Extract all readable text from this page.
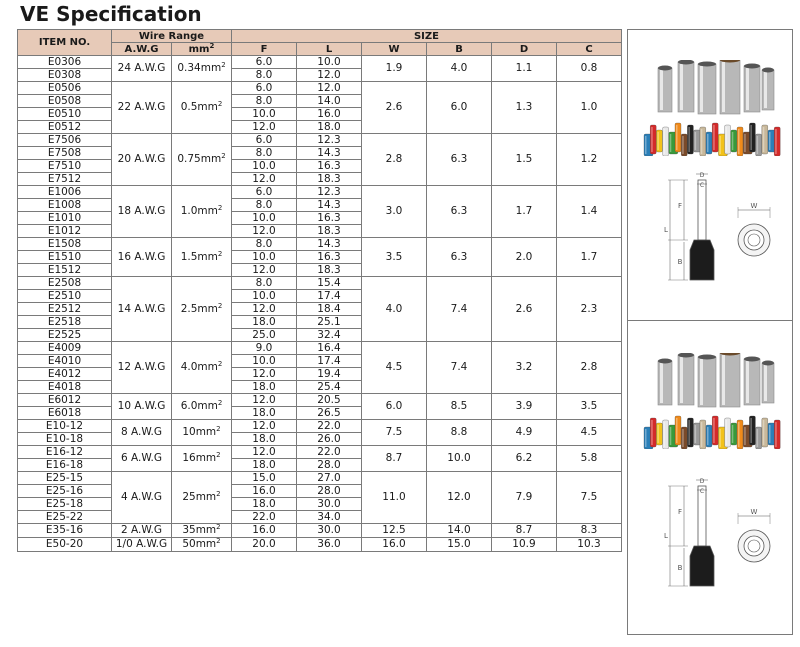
VE Specification
ITEM NO.	Wire Range		SIZE					
	A.W.G	$mm^2$	F	L	W	B	D	C
E0306	24 A.W.G	$0.34mm^2$	6.0	10.0	1.9	4.0	1.1	0.8
E0308			8.0	12.0				
E0506	22 A.W.G	$0.5mm^2$	6.0	12.0	2.6	6.0	1.3	1.0
E0508			8.0	14.0				
E0510			10.0	16.0				
E0512			12.0	18.0				
E7506	20 A.W.G	$0.75mm^2$	6.0	12.3	2.8	6.3	1.5	1.2
E7508			8.0	14.3				
E7510			10.0	16.3				
E7512			12.0	18.3				
E1006	18 A.W.G	$1.0mm^2$	6.0	12.3	3.0	6.3	1.7	1.4
E1008			8.0	14.3				
E1010			10.0	16.3				
E1012			12.0	18.3				
E1508	16 A.W.G	$1.5mm^2$	8.0	14.3	3.5	6.3	2.0	1.7
E1510			10.0	16.3				
E1512			12.0	18.3				
E2508	14 A.W.G	$2.5mm^2$	8.0	15.4	4.0	7.4	2.6	2.3
E2510			10.0	17.4				
E2512			12.0	18.4				
E2518			18.0	25.1				
E2525			25.0	32.4				
E4009	12 A.W.G	$4.0mm^2$	9.0	16.4	4.5	7.4	3.2	2.8
E4010			10.0	17.4				
E4012			12.0	19.4				
E4018			18.0	25.4				
E6012	10 A.W.G	$6.0mm^2$	12.0	20.5	6.0	8.5	3.9	3.5
E6018			18.0	26.5				
E10-12	8 A.W.G	$10mm^2$	12.0	22.0	7.5	8.8	4.9	4.5
E10-18			18.0	26.0				
E16-12	6 A.W.G	$16mm^2$	12.0	22.0	8.7	10.0	6.2	5.8
E16-18			18.0	28.0				
E25-15	4 A.W.G	$25mm^2$	15.0	27.0	11.0	12.0	7.9	7.5
E25-16			16.0	28.0				
E25-18			18.0	30.0				
E25-22			22.0	34.0				
E35-16	2 A.W.G	$35mm^2$	16.0	30.0	12.5	14.0	8.7	8.3
E50-20	1/0 A.W.G	$50mm^2$	20.0	36.0	16.0	15.0	10.9	10.3
D
C
F
L
B
W
D
C
F
L
B
W
